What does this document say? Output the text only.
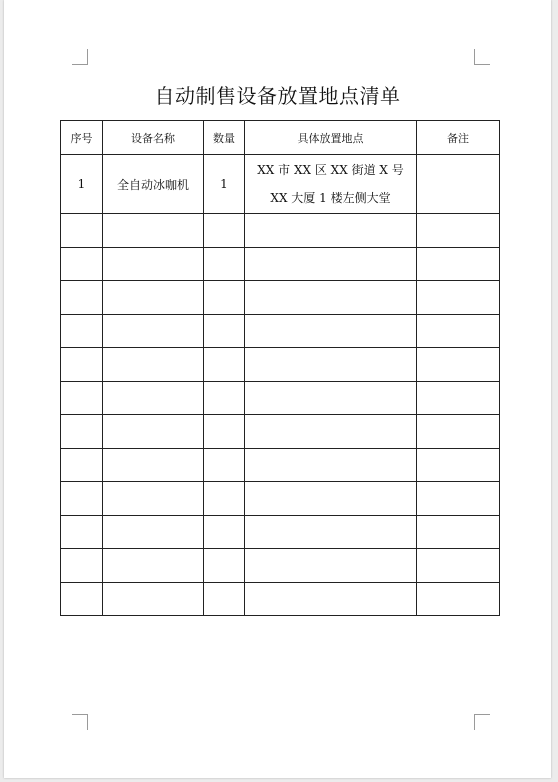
自动制售设备放置地点清单
序号	设备名称	数量	具体放置地点	备注
1	全自动冰咖机	1	XX 市 XX 区 XX 街道 X 号
XX 大厦 1 楼左侧大堂	
